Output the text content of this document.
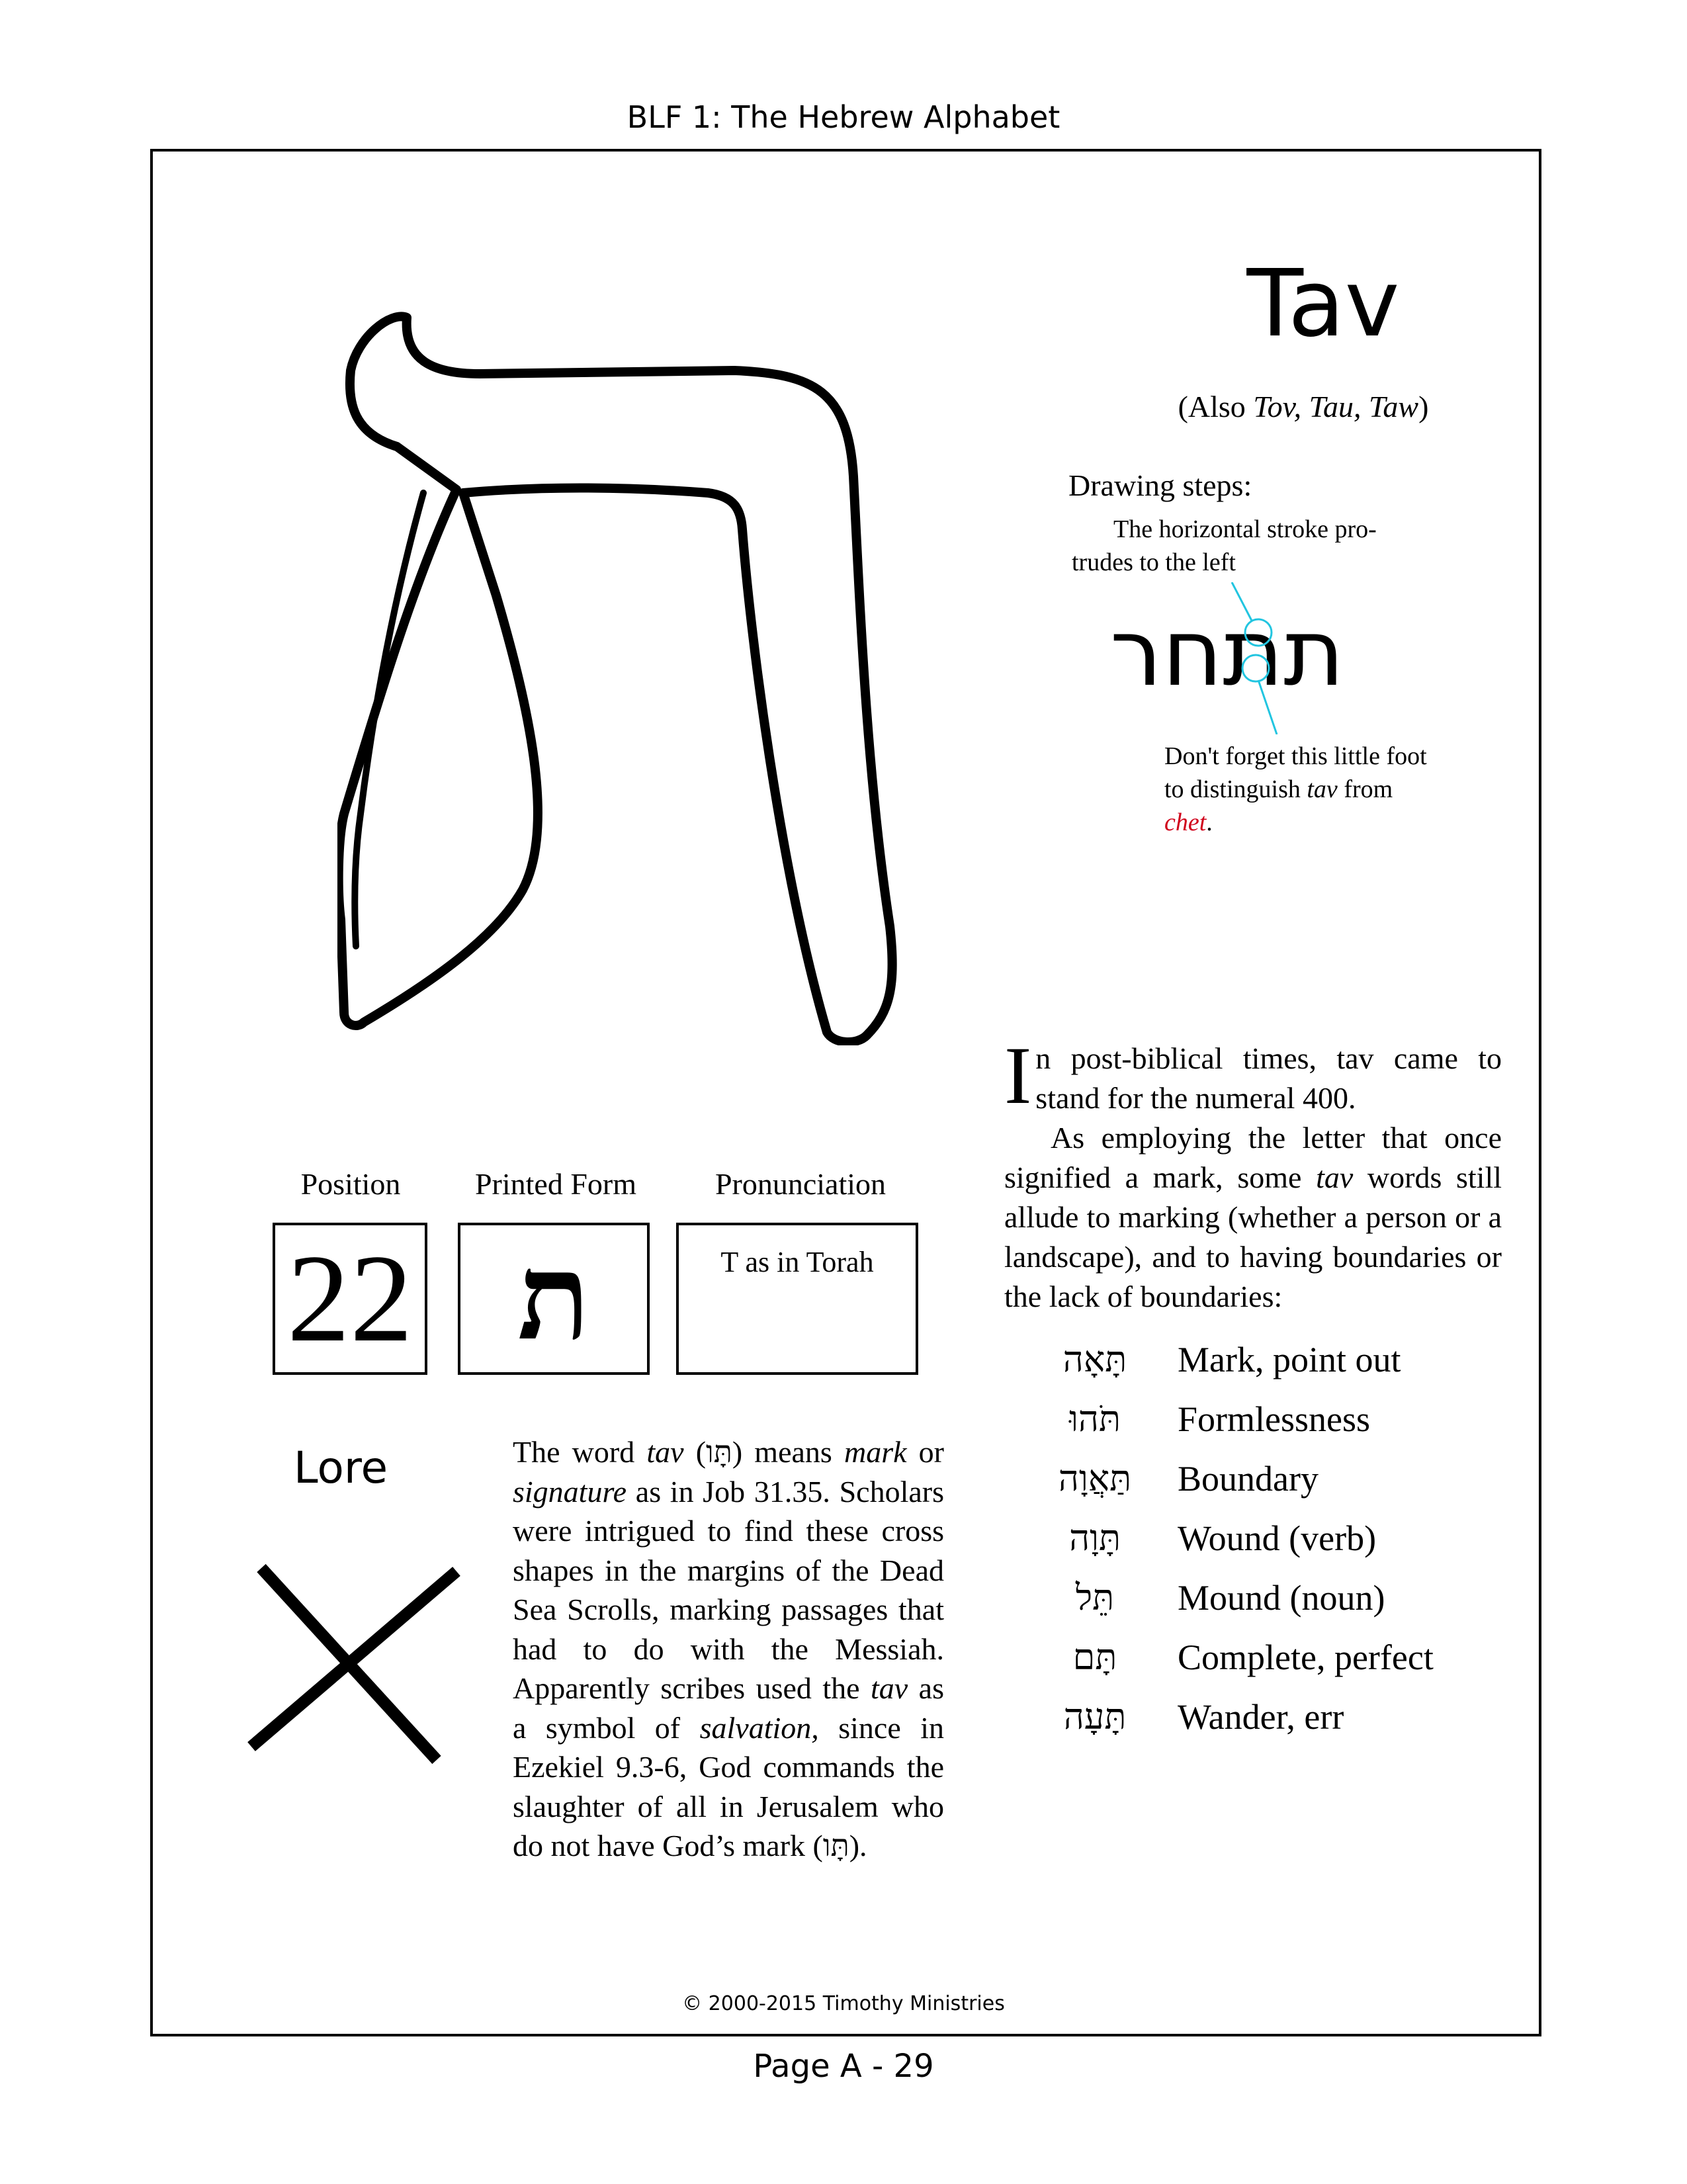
BLF 1: The Hebrew Alphabet
Tav
(Also Tov, Tau, Taw)
Drawing steps:
The horizontal stroke pro-
trudes to the left
תתחר
Don't forget this little foot
to distinguish tav from
chet.
I n post-biblical times, tav came to stand for the numeral 400.
As employing the letter that once signified a mark, some tav words still allude to marking (whether a person or a landscape), and to having boundaries or the lack of boundaries:
Position	Printed Form	Pronunciation
22 ת	T as in Torah
Lore	The word tav (תָּו) means mark or signature as in Job 31.35. Scholars were intrigued to find these cross shapes in the margins of the Dead Sea Scrolls, marking passages that had to do with the Messiah. Apparently scribes used the tav as a symbol of salvation, since in Ezekiel 9.3-6, God commands the slaughter of all in Jerusalem who do not have God’s mark (תָּו).
תָּאָה	Mark, point out
תֹּהוּ	Formlessness
תַּאֲוָה	Boundary
תָּוָה	Wound (verb)
תֵּל	Mound (noun)
תָּם	Complete, perfect
תָּעָה	Wander, err
© 2000-2015 Timothy Ministries
Page A - 29
